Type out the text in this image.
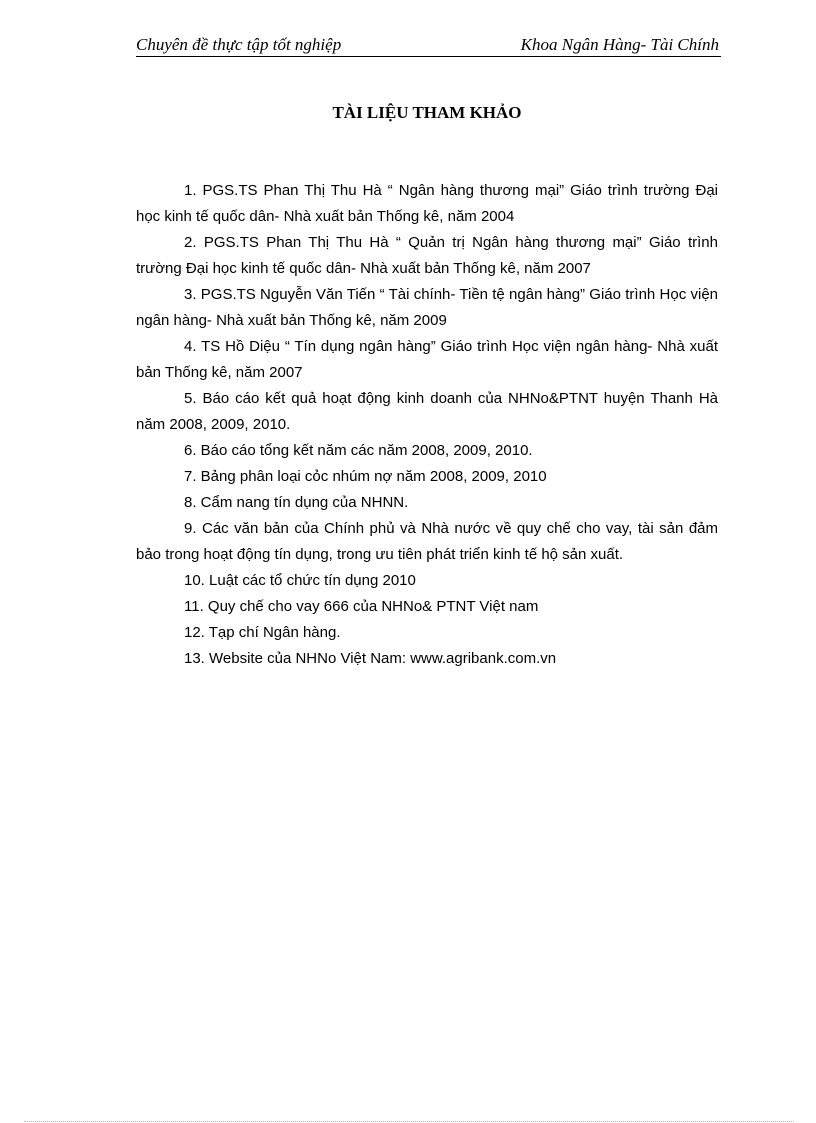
Chuyên đề thực tập tốt nghiệp	Khoa Ngân Hàng- Tài Chính
TÀI LIỆU THAM KHẢO
1. PGS.TS Phan Thị Thu Hà “ Ngân hàng thương mại” Giáo trình trường Đại học kinh tế quốc dân- Nhà xuất bản Thống kê, năm 2004
2. PGS.TS Phan Thị Thu Hà “ Quản trị Ngân hàng thương mại” Giáo trình trường Đại học kinh tế quốc dân- Nhà xuất bản Thống kê, năm 2007
3. PGS.TS Nguyễn Văn Tiến “ Tài chính- Tiền tệ ngân hàng” Giáo trình Học viện ngân hàng- Nhà xuất bản Thống kê, năm 2009
4. TS Hồ Diệu “ Tín dụng ngân hàng” Giáo trình Học viện ngân hàng- Nhà xuất bản Thống kê, năm 2007
5. Báo cáo kết quả hoạt động kinh doanh của NHNo&PTNT huyện Thanh Hà năm 2008, 2009, 2010.
6. Báo cáo tổng kết năm các năm 2008, 2009, 2010.
7. Bảng phân loại cỏc nhúm nợ năm 2008, 2009, 2010
8. Cẩm nang tín dụng của NHNN.
9. Các văn bản của Chính phủ và Nhà nước về quy chế cho vay, tài sản đảm bảo trong hoạt động tín dụng, trong ưu tiên phát triển kinh tế hộ sản xuất.
10. Luật các tổ chức tín dụng 2010
11. Quy chế cho vay 666 của NHNo& PTNT Việt nam
12. Tạp chí Ngân hàng.
13. Website của NHNo Việt Nam: www.agribank.com.vn
